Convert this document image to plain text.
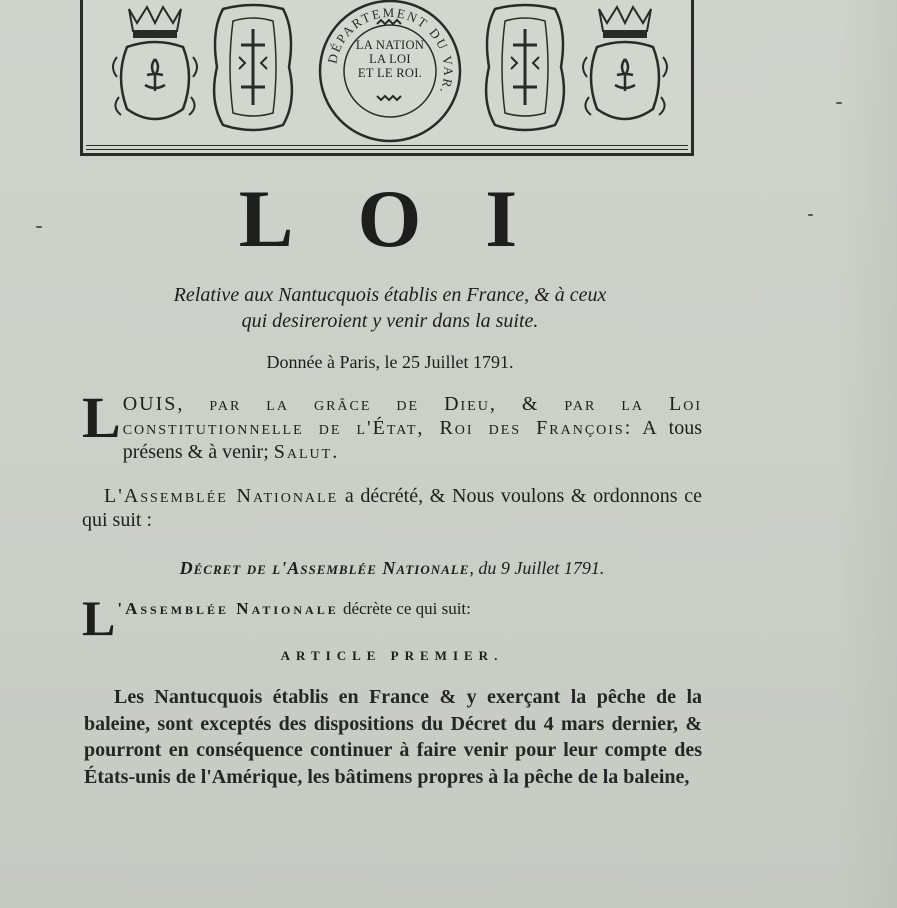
DÉPARTEMENT DU VAR.
LA NATION
LA LOI
ET LE ROI.
LOI
Relative aux Nantucquois établis en France, & à ceux
qui desireroient y venir dans la suite.
Donnée à Paris, le 25 Juillet 1791.
LOUIS, par la grâce de Dieu, & par la Loi constitutionnelle de l'État, Roi des François: A tous présens & à venir; Salut.
L'Assemblée Nationale a décrété, & Nous voulons & ordonnons ce qui suit :
Décret de l'Assemblée Nationale, du 9 Juillet 1791.
L 'Assemblée Nationale décrète ce qui suit:
ARTICLE PREMIER.
Les Nantucquois établis en France & y exerçant la pêche de la baleine, sont exceptés des dispositions du Décret du 4 mars dernier, & pourront en conséquence continuer à faire venir pour leur compte des États-unis de l'Amérique, les bâtimens propres à la pêche de la baleine,
